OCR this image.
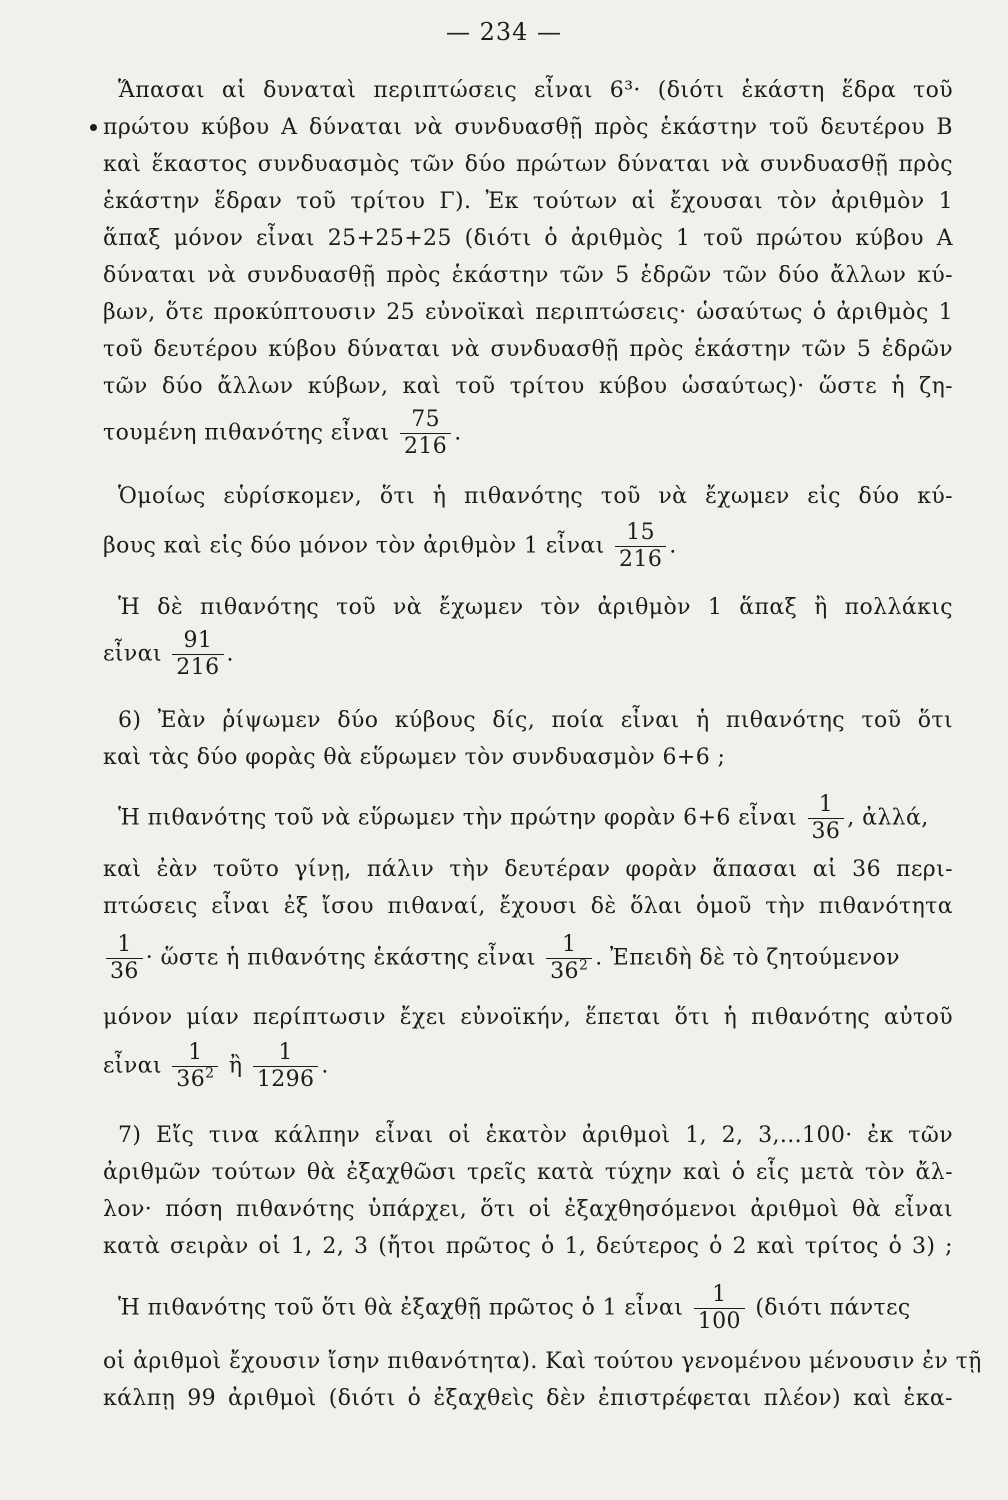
— 234 —
Ἅπασαι αἱ δυναταὶ περιπτώσεις εἶναι 6³· (διότι ἑκάστη ἕδρα τοῦ
πρώτου κύβου Α δύναται νὰ συνδυασθῇ πρὸς ἑκάστην τοῦ δευτέρου Β
καὶ ἕκαστος συνδυασμὸς τῶν δύο πρώτων δύναται νὰ συνδυασθῇ πρὸς
ἑκάστην ἕδραν τοῦ τρίτου Γ). Ἐκ τούτων αἱ ἔχουσαι τὸν ἀριθμὸν 1
ἅπαξ μόνον εἶναι 25+25+25 (διότι ὁ ἀριθμὸς 1 τοῦ πρώτου κύβου Α
δύναται νὰ συνδυασθῇ πρὸς ἑκάστην τῶν 5 ἑδρῶν τῶν δύο ἄλλων κύ-
βων, ὅτε προκύπτουσιν 25 εὐνοϊκαὶ περιπτώσεις· ὡσαύτως ὁ ἀριθμὸς 1
τοῦ δευτέρου κύβου δύναται νὰ συνδυασθῇ πρὸς ἑκάστην τῶν 5 ἑδρῶν
τῶν δύο ἄλλων κύβων, καὶ τοῦ τρίτου κύβου ὡσαύτως)· ὥστε ἡ ζη-
τουμένη πιθανότης εἶναι $\frac{75}{216}$ .
Ὁμοίως εὑρίσκομεν, ὅτι ἡ πιθανότης τοῦ νὰ ἔχωμεν εἰς δύο κύ-
βους καὶ εἰς δύο μόνον τὸν ἀριθμὸν 1 εἶναι $\frac{15}{216}$ .
Ἡ δὲ πιθανότης τοῦ νὰ ἔχωμεν τὸν ἀριθμὸν 1 ἅπαξ ἢ πολλάκις
εἶναι $\frac{91}{216}$ .
6) Ἐὰν ῥίψωμεν δύο κύβους δίς, ποία εἶναι ἡ πιθανότης τοῦ ὅτι
καὶ τὰς δύο φορὰς θὰ εὕρωμεν τὸν συνδυασμὸν 6+6 ;
Ἡ πιθανότης τοῦ νὰ εὕρωμεν τὴν πρώτην φορὰν 6+6 εἶναι $\frac{1}{36}$ , ἀλλά,
καὶ ἐὰν τοῦτο γίνῃ, πάλιν τὴν δευτέραν φορὰν ἅπασαι αἱ 36 περι-
πτώσεις εἶναι ἐξ ἴσου πιθαναί, ἔχουσι δὲ ὅλαι ὁμοῦ τὴν πιθανότητα
$\frac{1}{36}$ · ὥστε ἡ πιθανότης ἑκάστης εἶναι $\frac{1}{36^2}$ . Ἐπειδὴ δὲ τὸ ζητούμενον
μόνον μίαν περίπτωσιν ἔχει εὐνοϊκήν, ἕπεται ὅτι ἡ πιθανότης αὐτοῦ
εἶναι $\frac{1}{36^2}$ ἢ $\frac{1}{1296}$ .
7) Εἴς τινα κάλπην εἶναι οἱ ἑκατὸν ἀριθμοὶ 1, 2, 3,...100· ἐκ τῶν
ἀριθμῶν τούτων θὰ ἐξαχθῶσι τρεῖς κατὰ τύχην καὶ ὁ εἷς μετὰ τὸν ἄλ-
λον· πόση πιθανότης ὑπάρχει, ὅτι οἱ ἐξαχθησόμενοι ἀριθμοὶ θὰ εἶναι
κατὰ σειρὰν οἱ 1, 2, 3 (ἤτοι πρῶτος ὁ 1, δεύτερος ὁ 2 καὶ τρίτος ὁ 3) ;
Ἡ πιθανότης τοῦ ὅτι θὰ ἐξαχθῇ πρῶτος ὁ 1 εἶναι $\frac{1}{100} (\delta\iota ό\tau\iota$ πάντες
οἱ ἀριθμοὶ ἔχουσιν ἴσην πιθανότητα). Καὶ τούτου γενομένου μένουσιν ἐν τῇ
κάλπῃ 99 ἀριθμοὶ (διότι ὁ ἐξαχθεὶς δὲν ἐπιστρέφεται πλέον) καὶ ἑκα-
